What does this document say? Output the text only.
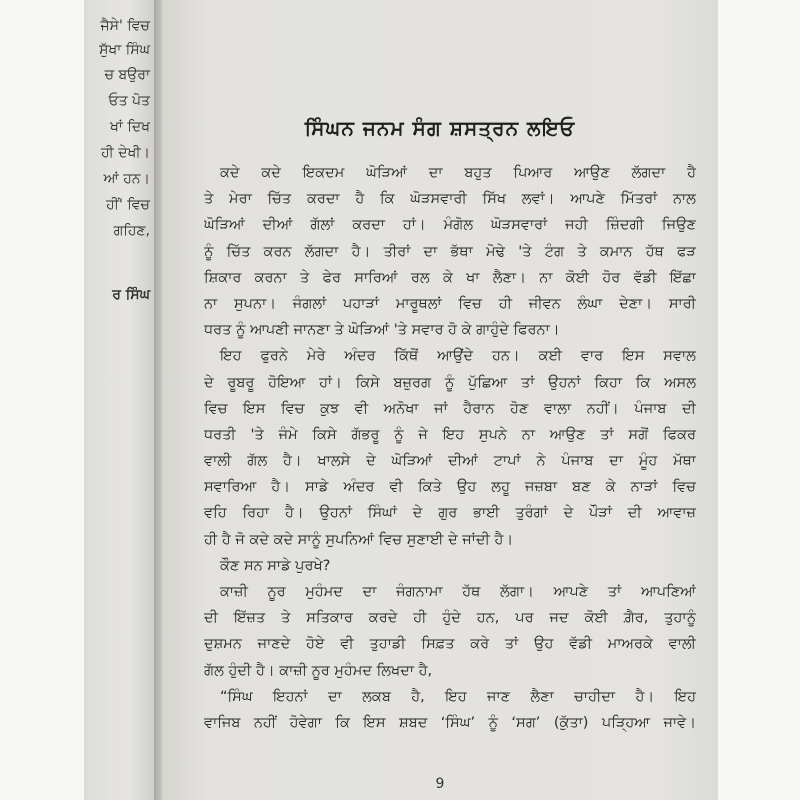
ਜੈਸੇ' ਵਿਚ
ਸੁੱਖਾ ਸਿੰਘ
ਚ ਬਉਰਾ
ਓਤ ਪੋਤ
ਖਾਂ ਦਿਖ
ਹੀ ਦੇਖੀ।
ਆਂ ਹਨ।
ਹੀਂ' ਵਿਚ
ਗਹਿਣ,
ਰ ਸਿੰਘ
ਸਿੰਘਨ ਜਨਮ ਸੰਗ ਸ਼ਸਤ੍ਰਨ ਲਇਓ
ਕਦੇ ਕਦੇ ਇਕਦਮ ਘੋੜਿਆਂ ਦਾ ਬਹੁਤ ਪਿਆਰ ਆਉਣ ਲੱਗਦਾ ਹੈ
ਤੇ ਮੇਰਾ ਚਿੱਤ ਕਰਦਾ ਹੈ ਕਿ ਘੋੜਸਵਾਰੀ ਸਿੱਖ ਲਵਾਂ। ਆਪਣੇ ਮਿੱਤਰਾਂ ਨਾਲ
ਘੋੜਿਆਂ ਦੀਆਂ ਗੱਲਾਂ ਕਰਦਾ ਹਾਂ। ਮੰਗੋਲ ਘੋੜਸਵਾਰਾਂ ਜਹੀ ਜ਼ਿੰਦਗੀ ਜਿਉਣ
ਨੂੰ ਚਿੱਤ ਕਰਨ ਲੱਗਦਾ ਹੈ। ਤੀਰਾਂ ਦਾ ਭੱਥਾ ਮੋਢੇ 'ਤੇ ਟੰਗ ਤੇ ਕਮਾਨ ਹੱਥ ਫੜ
ਸ਼ਿਕਾਰ ਕਰਨਾ ਤੇ ਫੇਰ ਸਾਰਿਆਂ ਰਲ ਕੇ ਖਾ ਲੈਣਾ। ਨਾ ਕੋਈ ਹੋਰ ਵੱਡੀ ਇੱਛਾ
ਨਾ ਸੁਪਨਾ। ਜੰਗਲਾਂ ਪਹਾੜਾਂ ਮਾਰੂਥਲਾਂ ਵਿਚ ਹੀ ਜੀਵਨ ਲੰਘਾ ਦੇਣਾ। ਸਾਰੀ
ਧਰਤ ਨੂੰ ਆਪਣੀ ਜਾਨਣਾ ਤੇ ਘੋੜਿਆਂ 'ਤੇ ਸਵਾਰ ਹੋ ਕੇ ਗਾਹੁੰਦੇ ਫਿਰਨਾ।
ਇਹ ਫੁਰਨੇ ਮੇਰੇ ਅੰਦਰ ਕਿੱਥੋਂ ਆਉਂਦੇ ਹਨ। ਕਈ ਵਾਰ ਇਸ ਸਵਾਲ
ਦੇ ਰੂਬਰੂ ਹੋਇਆ ਹਾਂ। ਕਿਸੇ ਬਜ਼ੁਰਗ ਨੂੰ ਪੁੱਛਿਆ ਤਾਂ ਉਹਨਾਂ ਕਿਹਾ ਕਿ ਅਸਲ
ਵਿਚ ਇਸ ਵਿਚ ਕੁਝ ਵੀ ਅਨੋਖਾ ਜਾਂ ਹੈਰਾਨ ਹੋਣ ਵਾਲਾ ਨਹੀਂ। ਪੰਜਾਬ ਦੀ
ਧਰਤੀ 'ਤੇ ਜੰਮੇ ਕਿਸੇ ਗੱਭਰੂ ਨੂੰ ਜੇ ਇਹ ਸੁਪਨੇ ਨਾ ਆਉਣ ਤਾਂ ਸਗੋਂ ਫਿਕਰ
ਵਾਲੀ ਗੱਲ ਹੈ। ਖਾਲਸੇ ਦੇ ਘੋੜਿਆਂ ਦੀਆਂ ਟਾਪਾਂ ਨੇ ਪੰਜਾਬ ਦਾ ਮੂੰਹ ਮੱਥਾ
ਸਵਾਰਿਆ ਹੈ। ਸਾਡੇ ਅੰਦਰ ਵੀ ਕਿਤੇ ਉਹ ਲਹੂ ਜਜ਼ਬਾ ਬਣ ਕੇ ਨਾੜਾਂ ਵਿਚ
ਵਹਿ ਰਿਹਾ ਹੈ। ਉਹਨਾਂ ਸਿੰਘਾਂ ਦੇ ਗੁਰ ਭਾਈ ਤੁਰੰਗਾਂ ਦੇ ਪੌੜਾਂ ਦੀ ਆਵਾਜ਼
ਹੀ ਹੈ ਜੋ ਕਦੇ ਕਦੇ ਸਾਨੂੰ ਸੁਪਨਿਆਂ ਵਿਚ ਸੁਣਾਈ ਦੇ ਜਾਂਦੀ ਹੈ।
ਕੌਣ ਸਨ ਸਾਡੇ ਪੁਰਖੇ?
ਕਾਜ਼ੀ ਨੂਰ ਮੁਹੰਮਦ ਦਾ ਜੰਗਨਾਮਾ ਹੱਥ ਲੱਗਾ। ਆਪਣੇ ਤਾਂ ਆਪਣਿਆਂ
ਦੀ ਇੱਜ਼ਤ ਤੇ ਸਤਿਕਾਰ ਕਰਦੇ ਹੀ ਹੁੰਦੇ ਹਨ, ਪਰ ਜਦ ਕੋਈ ਗ਼ੈਰ, ਤੁਹਾਨੂੰ
ਦੁਸ਼ਮਨ ਜਾਣਦੇ ਹੋਏ ਵੀ ਤੁਹਾਡੀ ਸਿਫ਼ਤ ਕਰੇ ਤਾਂ ਉਹ ਵੱਡੀ ਮਾਅਰਕੇ ਵਾਲੀ
ਗੱਲ ਹੁੰਦੀ ਹੈ। ਕਾਜ਼ੀ ਨੂਰ ਮੁਹੰਮਦ ਲਿਖਦਾ ਹੈ,
“ਸਿੰਘ ਇਹਨਾਂ ਦਾ ਲਕਬ ਹੈ, ਇਹ ਜਾਣ ਲੈਣਾ ਚਾਹੀਦਾ ਹੈ। ਇਹ
ਵਾਜਿਬ ਨਹੀਂ ਹੋਵੇਗਾ ਕਿ ਇਸ ਸ਼ਬਦ ‘ਸਿੰਘ’ ਨੂੰ ‘ਸਗ’ (ਕੁੱਤਾ) ਪੜ੍ਹਿਆ ਜਾਵੇ।
9
